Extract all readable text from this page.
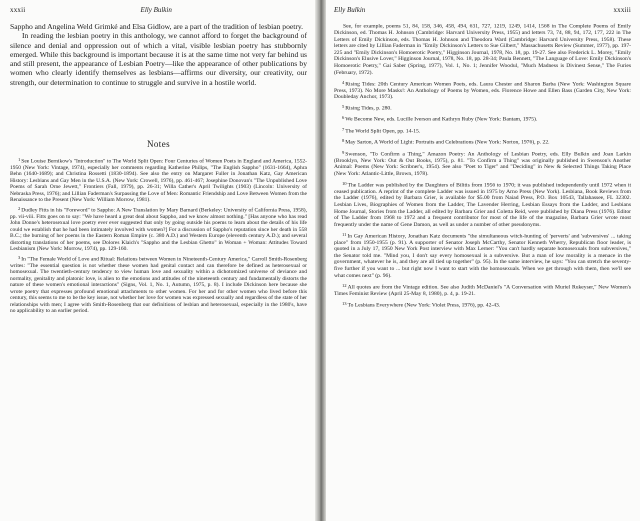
xxxii	Elly Bulkin

Sappho and Angelina Weld Grimké and Elsa Gidlow, are a part of the tradition of lesbian poetry.

In reading the lesbian poetry in this anthology, we cannot afford to forget the background of silence and denial and oppression out of which a vital, visible lesbian poetry has stubbornly emerged. While this background is important because it is at the same time not very far behind us and still present, the appearance of Lesbian Poetry—like the appearance of other publications by women who clearly identify themselves as lesbians—affirms our diversity, our creativity, our strength, our determination to continue to struggle and survive in a hostile world.

Notes

$^1$See Louise Bernikow's "Introduction" to The World Split Open: Four Centuries of Women Poets in England and America, 1552-1950 (New York: Vintage, 1974), especially her comments regarding Katherine Philips, "The English Sappho" (1631-1664), Aphra Behn (1640-1689); and Christina Rossetti (1830-1894). See also the entry on Margaret Fuller in Jonathan Katz, Gay American History: Lesbians and Gay Men in the U.S.A. (New York: Crowell, 1976), pp. 461-467; Josephine Donovan's "The Unpublished Love Poems of Sarah Orne Jewett," Frontiers (Fall, 1979), pp. 26-31; Willa Cather's April Twilights (1903) (Lincoln: University of Nebraska Press, 1976); and Lillian Faderman's Surpassing the Love of Men: Romantic Friendship and Love Between Women from the Renaissance to the Present (New York: William Morrow, 1981).

$^2$Dudley Fitts in his "Foreword" to Sappho: A New Translation by Mary Barnard (Berkeley: University of California Press, 1958), pp. vii-viii. Fitts goes on to say: "We have heard a great deal about Sappho, and we know almost nothing." [Has anyone who has read John Donne's heterosexual love poetry ever ever suggested that only by going outside his poems to learn about the details of his life could we establish that he had been intimately involved with women?] For a discussion of Sappho's reputation since her death in 558 B.C.; the burning of her poems in the Eastern Roman Empire (c. 380 A.D.) and Western Europe (eleventh century A.D.); and several distorting translations of her poems, see Dolores Klaich's "Sappho and the Lesbian Ghetto" in Woman + Woman: Attitudes Toward Lesbianism (New York: Morrow, 1974), pp. 129-160.

$^3$In "The Female World of Love and Ritual: Relations between Women in Nineteenth-Century America," Carroll Smith-Rosenberg writes: "The essential question is not whether these women had genital contact and can therefore be defined as heterosexual or homosexual. The twentieth-century tendency to view human love and sexuality within a dichotomized universe of deviance and normality, genitality and platonic love, is alien to the emotions and attitudes of the nineteenth century and fundamentally distorts the nature of these women's emotional interactions" (Signs, Vol. 1, No. 1, Autumn, 1975, p. 8). I include Dickinson here because she wrote poetry that expresses profound emotional attachments to other women. For her and for other women who lived before this century, this seems to me to be the key issue, not whether her love for women was expressed sexually and regardless of the state of her relationships with men; I agree with Smith-Rosenberg that our definitions of lesbian and heterosexual, especially in the 1980's, have no applicability to an earlier period.

Elly Bulkin	xxxiii

See, for example, poems 51, 84, 158, 346, 458, 494, 631, 727, 1219, 1249, 1414, 1568 in The Complete Poems of Emily Dickinson, ed. Thomas H. Johnson (Cambridge: Harvard University Press, 1955) and letters 73, 74, 88, 94, 172, 177, 222 in The Letters of Emily Dickinson, eds. Thomas H. Johnson and Theodora Ward (Cambridge: Harvard University Press, 1958). These letters are cited by Lillian Faderman in "Emily Dickinson's Letters to Sue Gilbert," Massachusetts Review (Summer, 1977), pp. 197-225 and "Emily Dickinson's Homoerotic Poetry," Higginson Journal, 1978, No. 18, pp. 19-27. See also Frederick L. Morey, "Emily Dickinson's Elusive Lover," Higginson Journal, 1978, No. 18, pp. 28-34; Paula Bennett, "The Language of Love: Emily Dickinson's Homoerotic Poetry," Gai Saber (Spring, 1977), Vol. 1, No. 1; Jennifer Woodul, "Much Madness is Divinest Sense," The Furies (February, 1972).

$^4$Rising Tides: 20th Century American Women Poets, eds. Laura Chester and Sharon Barba (New York: Washington Square Press, 1973). No More Masks!: An Anthology of Poems by Women, eds. Florence Howe and Ellen Bass (Garden City, New York: Doubleday Anchor, 1973).

$^5$Rising Tides, p. 280.

$^6$We Become New, eds. Lucille Iverson and Kathryn Ruby (New York: Bantam, 1975).

$^7$The World Split Open, pp. 14-15.

$^8$May Sarton, A World of Light: Portraits and Celebrations (New York: Norton, 1976), p. 22.

$^9$Swenson, "To Confirm a Thing," Amazon Poetry: An Anthology of Lesbian Poetry, eds. Elly Bulkin and Joan Larkin (Brooklyn, New York: Out & Out Books, 1975), p. 81. "To Confirm a Thing" was originally published in Swenson's Another Animal: Poems (New York: Scribner's, 1954). See also "Poet to Tiger" and "Deciding" in New & Selected Things Taking Place (New York: Atlantic-Little, Brown, 1978).

$^{10}$The Ladder was published by the Daughters of Bilitis from 1956 to 1970; it was published independently until 1972 when it ceased publication. A reprint of the complete Ladder was issued in 1975 by Arno Press (New York). Lesbiana, Book Reviews from the Ladder (1976), edited by Barbara Grier, is available for $5.00 from Naiad Press, P.O. Box 10543, Tallahassee, FL 32302. Lesbian Lives, Biographies of Women from the Ladder, The Lavender Herring, Lesbian Essays from the Ladder, and Lesbians Home Journal, Stories from the Ladder, all edited by Barbara Grier and Coletta Reid, were published by Diana Press (1976). Editor of The Ladder from 1968 to 1972 and a frequent contributor for most of the life of the magazine, Barbara Grier wrote most frequently under the name of Gene Damon, as well as under a number of other pseudonyms.

$^{11}$In Gay American History, Jonathan Katz documents "the simultaneous witch-hunting of 'perverts' and 'subversives' ... taking place" from 1950-1955 (p. 91). A supporter of Senator Joseph McCarthy, Senator Kenneth Wherry, Republican floor leader, is quoted in a July 17, 1950 New York Post interview with Max Lerner: "You can't hardly separate homosexuals from subversives," the Senator told me. "Mind you, I don't say every homosexual is a subversive. But a man of low morality is a menace in the government, whatever he is, and they are all tied up together" (p. 95). In the same interview, he says: "You can stretch the seventy-five further if you want to ... but right now I want to start with the homosexuals. When we get through with them, then we'll see what comes next" (p. 96).

$^{12}$All quotes are from the Vintage edition. See also Judith McDaniel's "A Conversation with Muriel Rukeyser," New Women's Times Feminist Review (April 25-May 8, 1980), p. 4, p. 19-21.

$^{13}$To Lesbians Everywhere (New York: Violet Press, 1976), pp. 42-43.
